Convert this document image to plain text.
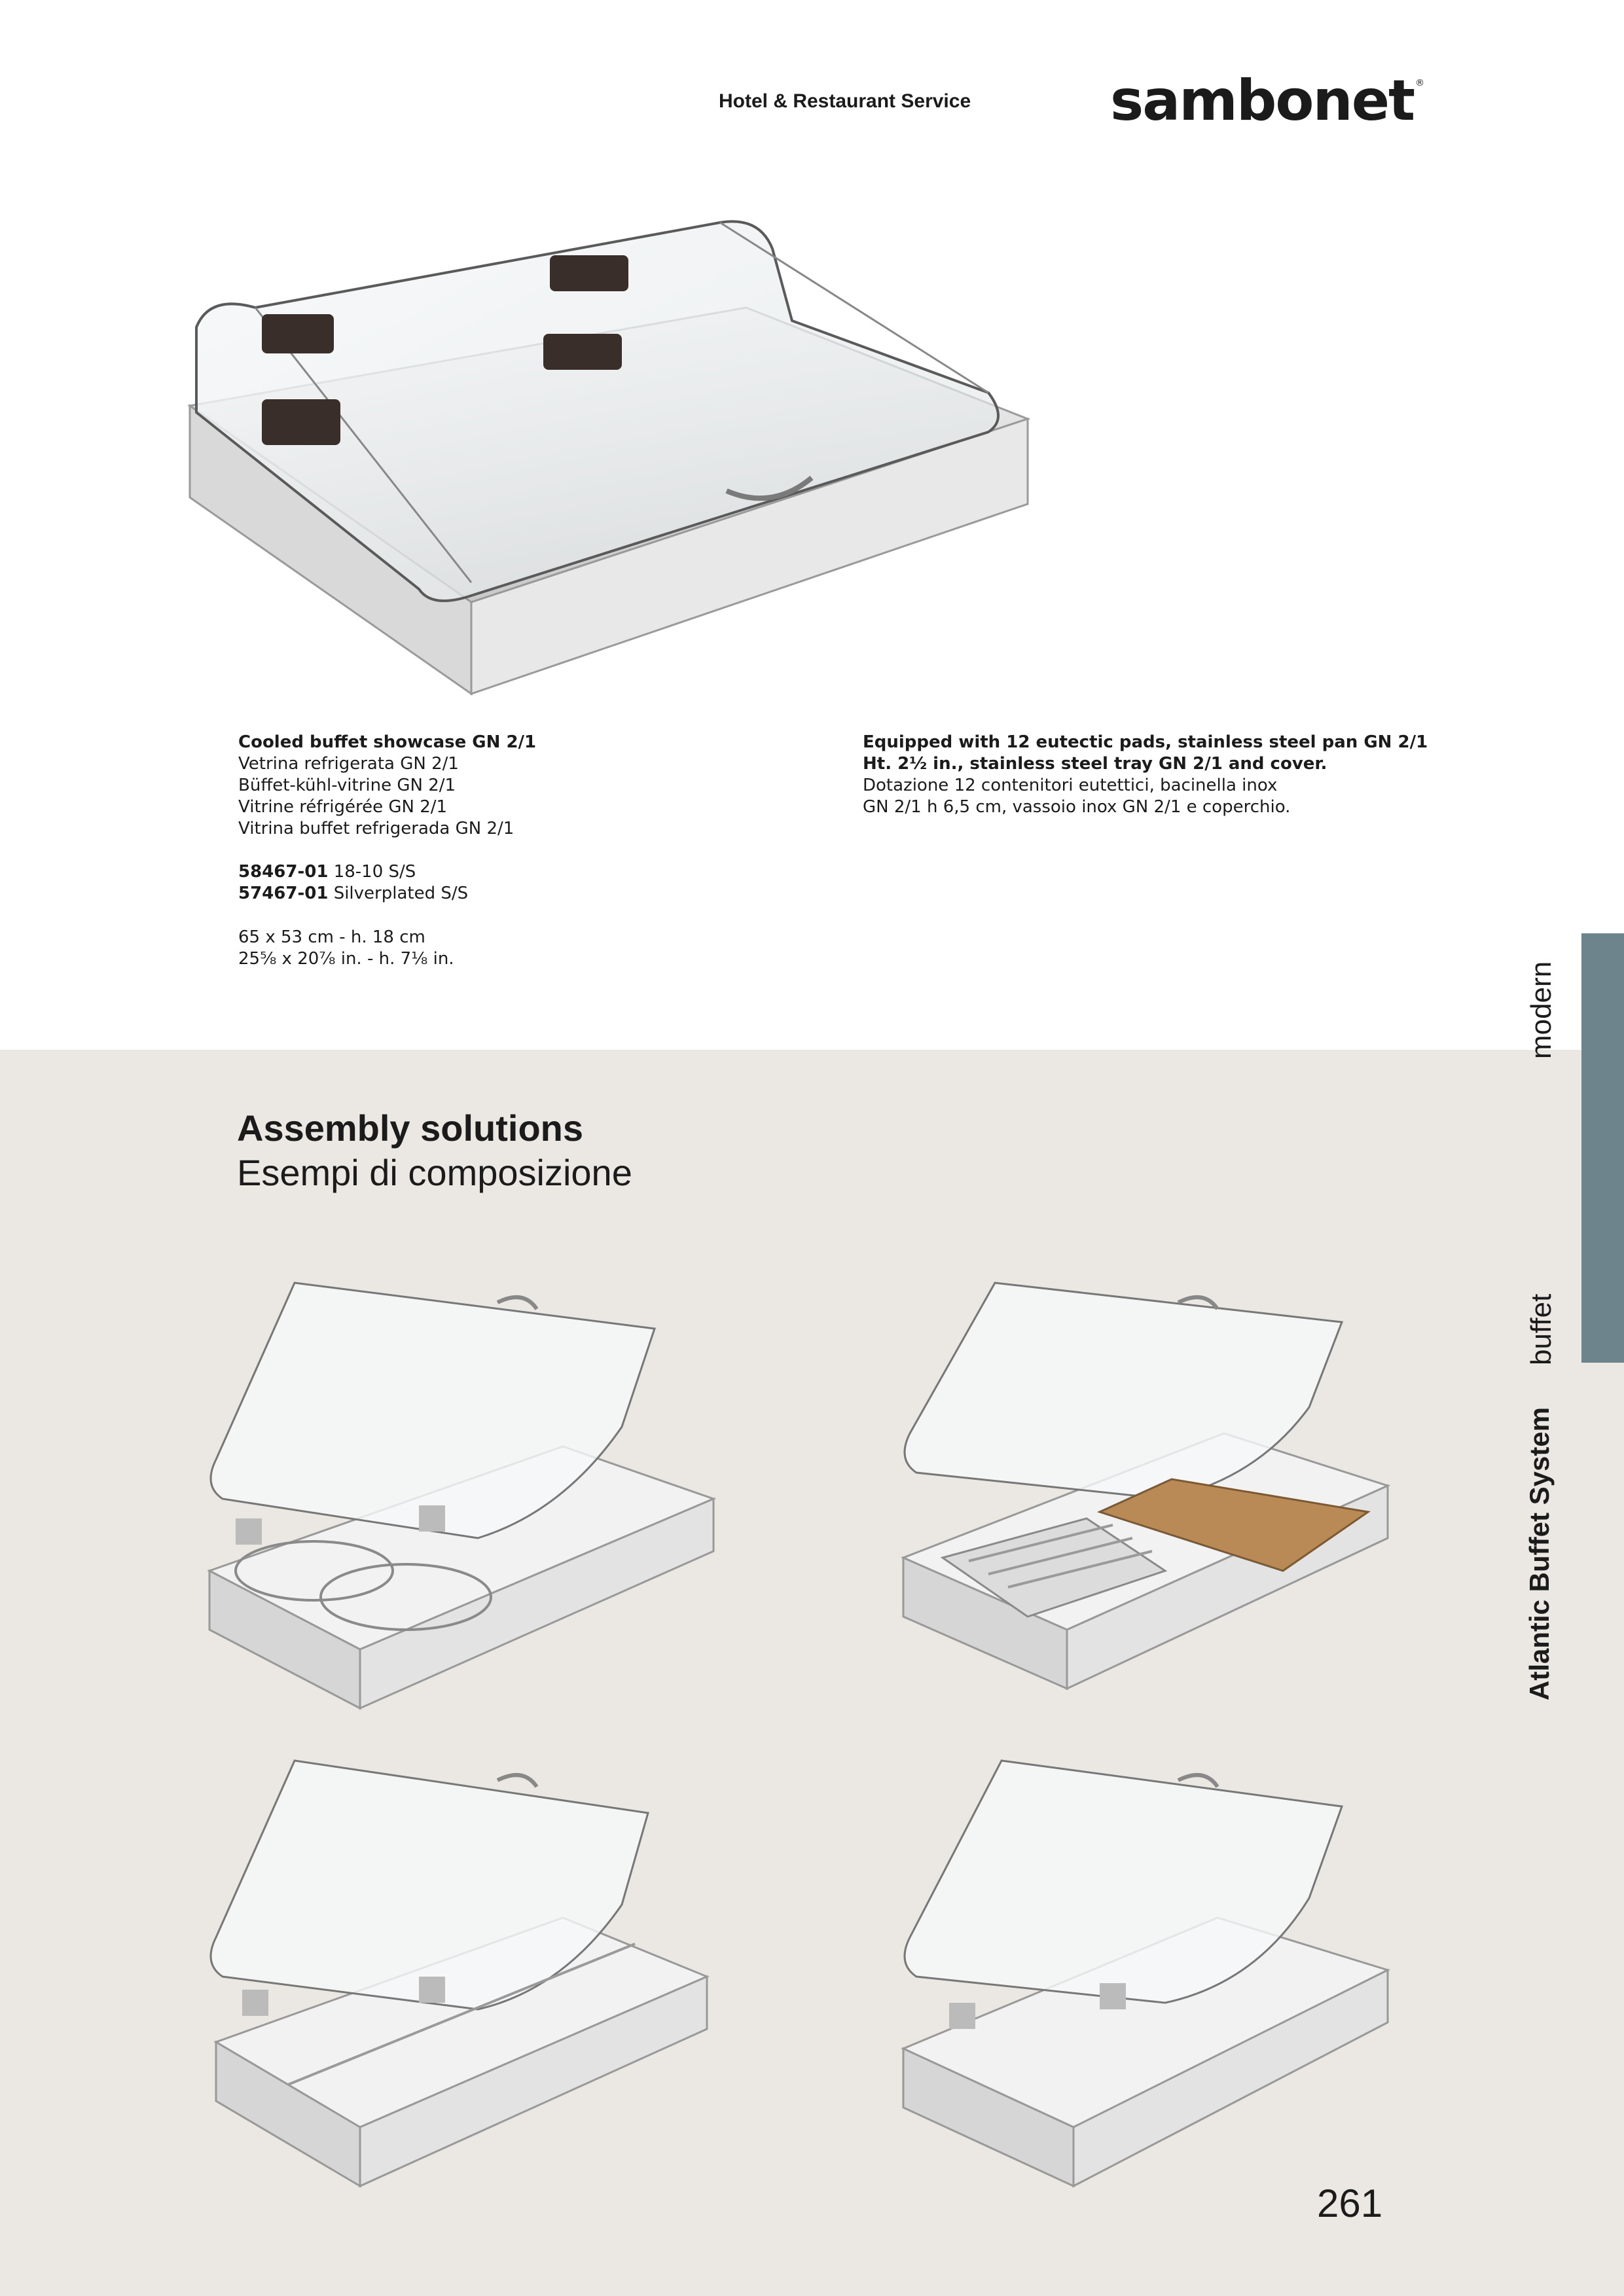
Hotel & Restaurant Service sambonet ®
Cooled buffet showcase GN 2/1
Vetrina refrigerata GN 2/1
Büffet-kühl-vitrine GN 2/1
Vitrine réfrigérée GN 2/1
Vitrina buffet refrigerada GN 2/1
58467-01 18-10 S/S
57467-01 Silverplated S/S
65 x 53 cm - h. 18 cm
25⁵⁄₈ x 20⁷⁄₈ in. - h. 7¹⁄₈ in.
Equipped with 12 eutectic pads, stainless steel pan GN 2/1
Ht. 2½ in., stainless steel tray GN 2/1 and cover.
Dotazione 12 contenitori eutettici, bacinella inox
GN 2/1 h 6,5 cm, vassoio inox GN 2/1 e coperchio.
Assembly solutions
Esempi di composizione
modern
buffet
Atlantic Buffet System
261
